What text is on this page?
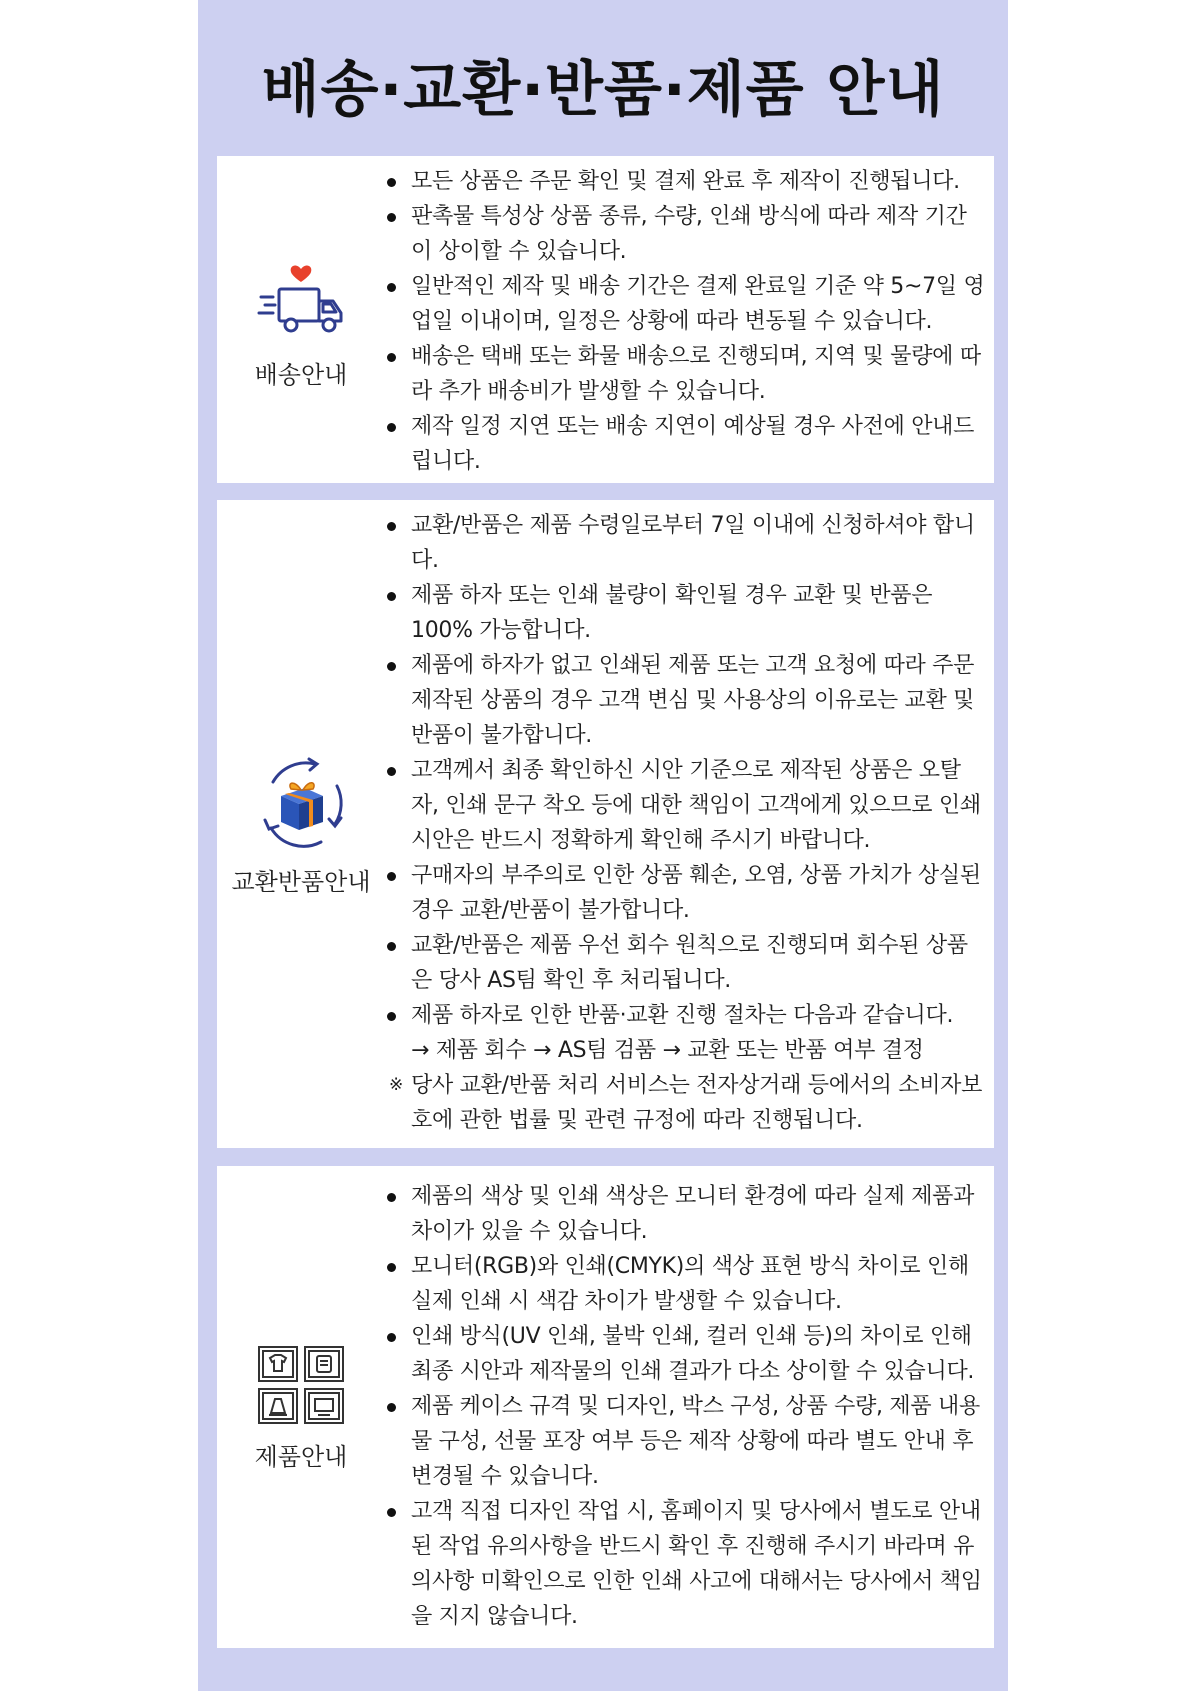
배송·교환·반품·제품 안내
배송안내
모든 상품은 주문 확인 및 결제 완료 후 제작이 진행됩니다.
판촉물 특성상 상품 종류, 수량, 인쇄 방식에 따라 제작 기간이 상이할 수 있습니다.
일반적인 제작 및 배송 기간은 결제 완료일 기준 약 5~7일 영업일 이내이며, 일정은 상황에 따라 변동될 수 있습니다.
배송은 택배 또는 화물 배송으로 진행되며, 지역 및 물량에 따라 추가 배송비가 발생할 수 있습니다.
제작 일정 지연 또는 배송 지연이 예상될 경우 사전에 안내드립니다.
교환반품안내
교환/반품은 제품 수령일로부터 7일 이내에 신청하셔야 합니다.
제품 하자 또는 인쇄 불량이 확인될 경우 교환 및 반품은 100% 가능합니다.
제품에 하자가 없고 인쇄된 제품 또는 고객 요청에 따라 주문 제작된 상품의 경우 고객 변심 및 사용상의 이유로는 교환 및 반품이 불가합니다.
고객께서 최종 확인하신 시안 기준으로 제작된 상품은 오탈자, 인쇄 문구 착오 등에 대한 책임이 고객에게 있으므로 인쇄 시안은 반드시 정확하게 확인해 주시기 바랍니다.
구매자의 부주의로 인한 상품 훼손, 오염, 상품 가치가 상실된 경우 교환/반품이 불가합니다.
교환/반품은 제품 우선 회수 원칙으로 진행되며 회수된 상품은 당사 AS팀 확인 후 처리됩니다.
제품 하자로 인한 반품·교환 진행 절차는 다음과 같습니다.
→ 제품 회수 → AS팀 검품 → 교환 또는 반품 여부 결정
※ 당사 교환/반품 처리 서비스는 전자상거래 등에서의 소비자보호에 관한 법률 및 관련 규정에 따라 진행됩니다.
제품안내
제품의 색상 및 인쇄 색상은 모니터 환경에 따라 실제 제품과 차이가 있을 수 있습니다.
모니터(RGB)와 인쇄(CMYK)의 색상 표현 방식 차이로 인해 실제 인쇄 시 색감 차이가 발생할 수 있습니다.
인쇄 방식(UV 인쇄, 불박 인쇄, 컬러 인쇄 등)의 차이로 인해 최종 시안과 제작물의 인쇄 결과가 다소 상이할 수 있습니다.
제품 케이스 규격 및 디자인, 박스 구성, 상품 수량, 제품 내용물 구성, 선물 포장 여부 등은 제작 상황에 따라 별도 안내 후 변경될 수 있습니다.
고객 직접 디자인 작업 시, 홈페이지 및 당사에서 별도로 안내된 작업 유의사항을 반드시 확인 후 진행해 주시기 바라며 유의사항 미확인으로 인한 인쇄 사고에 대해서는 당사에서 책임을 지지 않습니다.
